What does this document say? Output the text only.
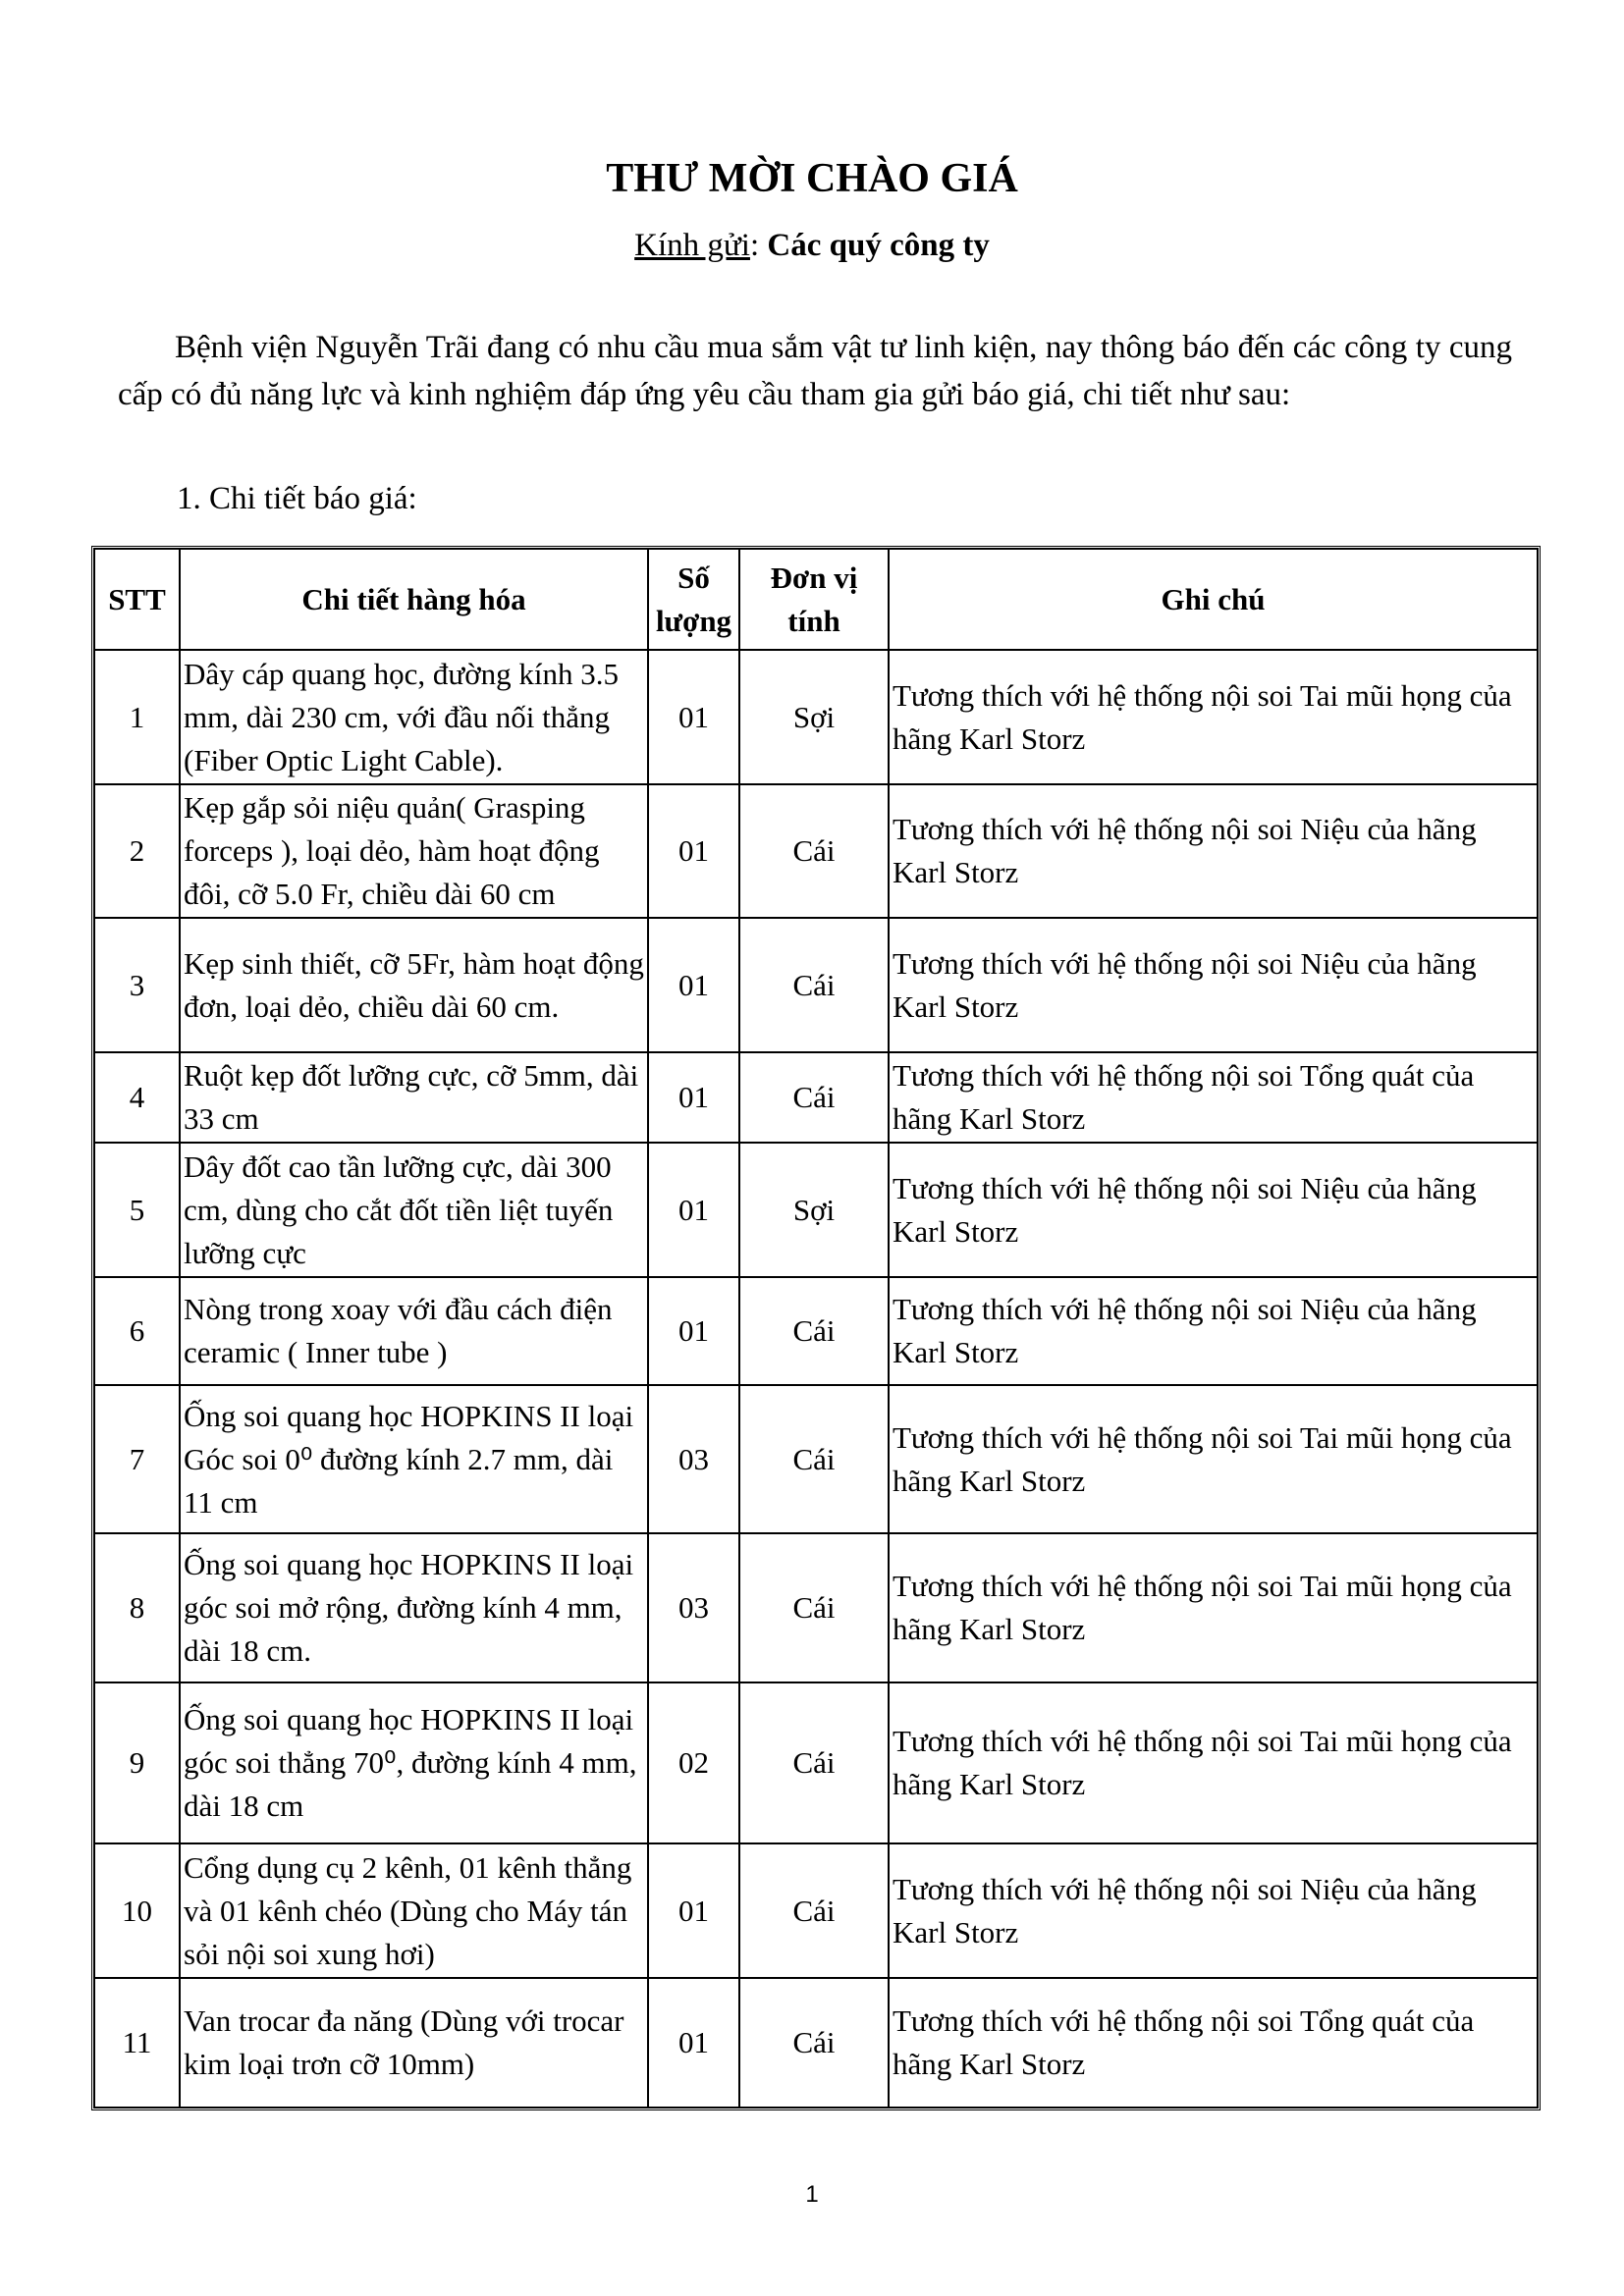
THƯ MỜI CHÀO GIÁ
Kính gửi: Các quý công ty
Bệnh viện Nguyễn Trãi đang có nhu cầu mua sắm vật tư linh kiện, nay thông báo đến các công ty cung cấp có đủ năng lực và kinh nghiệm đáp ứng yêu cầu tham gia gửi báo giá, chi tiết như sau:
1. Chi tiết báo giá:
STT	Chi tiết hàng hóa	Số lượng	Đơn vị tính	Ghi chú
1	Dây cáp quang học, đường kính 3.5 mm, dài 230 cm, với đầu nối thẳng (Fiber Optic Light Cable).	01	Sợi	Tương thích với hệ thống nội soi Tai mũi họng của hãng Karl Storz
2	Kẹp gắp sỏi niệu quản( Grasping forceps ), loại dẻo, hàm hoạt động đôi, cỡ 5.0 Fr, chiều dài 60 cm	01	Cái	Tương thích với hệ thống nội soi Niệu của hãng Karl Storz
3	Kẹp sinh thiết, cỡ 5Fr, hàm hoạt động đơn, loại dẻo, chiều dài 60 cm.	01	Cái	Tương thích với hệ thống nội soi Niệu của hãng Karl Storz
4	Ruột kẹp đốt lưỡng cực, cỡ 5mm, dài 33 cm	01	Cái	Tương thích với hệ thống nội soi Tổng quát của hãng Karl Storz
5	Dây đốt cao tần lưỡng cực, dài 300 cm, dùng cho cắt đốt tiền liệt tuyến lưỡng cực	01	Sợi	Tương thích với hệ thống nội soi Niệu của hãng Karl Storz
6	Nòng trong xoay với đầu cách điện ceramic ( Inner tube )	01	Cái	Tương thích với hệ thống nội soi Niệu của hãng Karl Storz
7	Ống soi quang học HOPKINS II loại Góc soi 0⁰ đường kính 2.7 mm, dài 11 cm	03	Cái	Tương thích với hệ thống nội soi Tai mũi họng của hãng Karl Storz
8	Ống soi quang học HOPKINS II loại góc soi mở rộng, đường kính 4 mm, dài 18 cm.	03	Cái	Tương thích với hệ thống nội soi Tai mũi họng của hãng Karl Storz
9	Ống soi quang học HOPKINS II loại góc soi thẳng 70⁰, đường kính 4 mm, dài 18 cm	02	Cái	Tương thích với hệ thống nội soi Tai mũi họng của hãng Karl Storz
10	Cổng dụng cụ 2 kênh, 01 kênh thẳng và 01 kênh chéo (Dùng cho Máy tán sỏi nội soi xung hơi)	01	Cái	Tương thích với hệ thống nội soi Niệu của hãng Karl Storz
11	Van trocar đa năng (Dùng với trocar kim loại trơn cỡ 10mm)	01	Cái	Tương thích với hệ thống nội soi Tổng quát của hãng Karl Storz
1
